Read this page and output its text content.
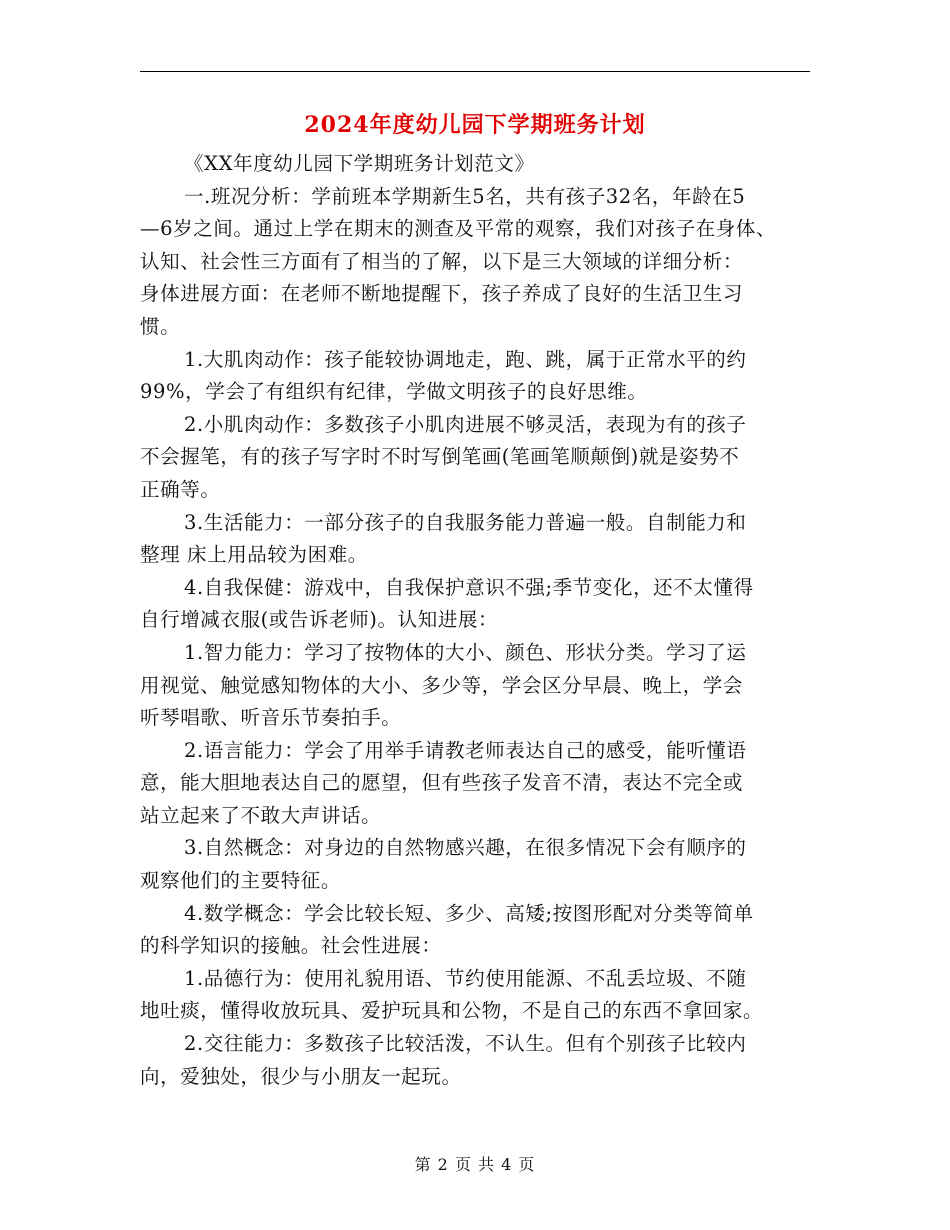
2024年度幼儿园下学期班务计划
《XX年度幼儿园下学期班务计划范文》
一.班况分析：学前班本学期新生5名，共有孩子32名，年龄在5
—6岁之间。通过上学在期末的测查及平常的观察，我们对孩子在身体、
认知、社会性三方面有了相当的了解，以下是三大领域的详细分析：
身体进展方面：在老师不断地提醒下，孩子养成了良好的生活卫生习
惯。
1.大肌肉动作：孩子能较协调地走，跑、跳，属于正常水平的约
99%，学会了有组织有纪律，学做文明孩子的良好思维。
2.小肌肉动作：多数孩子小肌肉进展不够灵活，表现为有的孩子
不会握笔，有的孩子写字时不时写倒笔画(笔画笔顺颠倒)就是姿势不
正确等。
3.生活能力：一部分孩子的自我服务能力普遍一般。自制能力和
整理 床上用品较为困难。
4.自我保健：游戏中，自我保护意识不强;季节变化，还不太懂得
自行增减衣服(或告诉老师)。认知进展：
1.智力能力：学习了按物体的大小、颜色、形状分类。学习了运
用视觉、触觉感知物体的大小、多少等，学会区分早晨、晚上，学会
听琴唱歌、听音乐节奏拍手。
2.语言能力：学会了用举手请教老师表达自己的感受，能听懂语
意，能大胆地表达自己的愿望，但有些孩子发音不清，表达不完全或
站立起来了不敢大声讲话。
3.自然概念：对身边的自然物感兴趣，在很多情况下会有顺序的
观察他们的主要特征。
4.数学概念：学会比较长短、多少、高矮;按图形配对分类等简单
的科学知识的接触。社会性进展：
1.品德行为：使用礼貌用语、节约使用能源、不乱丢垃圾、不随
地吐痰，懂得收放玩具、爱护玩具和公物，不是自己的东西不拿回家。
2.交往能力：多数孩子比较活泼，不认生。但有个别孩子比较内
向，爱独处，很少与小朋友一起玩。
第 2 页 共 4 页
